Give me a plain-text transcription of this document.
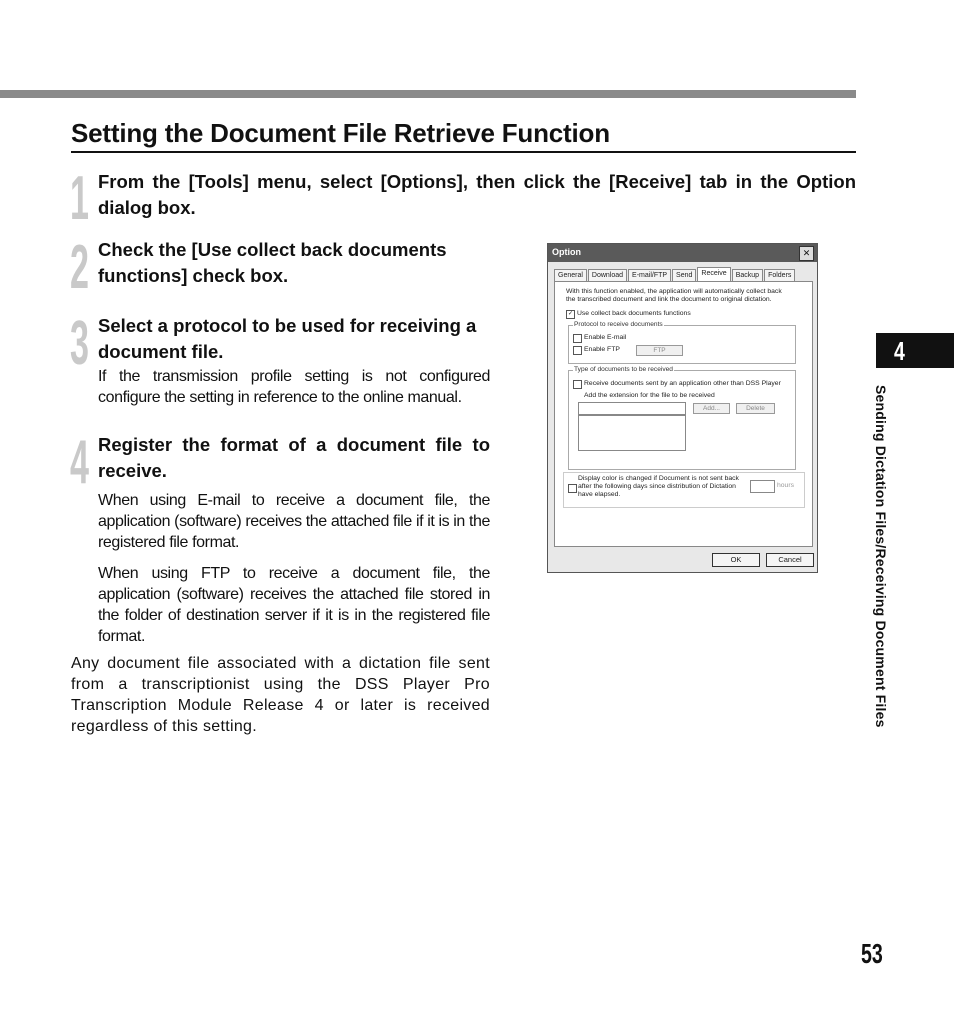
Setting the Document File Retrieve Function
1 From the [Tools] menu, select [Options], then click the [Receive] tab in the Option dialog box.
2 Check the [Use collect back documents functions] check box.
3 Select a protocol to be used for receiving a document file.
If the transmission profile setting is not configured configure the setting in reference to the online manual.
4 Register the format of a document file to receive.
When using E-mail to receive a document file, the application (software) receives the attached file if it is in the registered file format.
When using FTP to receive a document file, the application (software) receives the attached file stored in the folder of destination server if it is in the registered file format.
Any document file associated with a dictation file sent from a transcriptionist using the DSS Player Pro Transcription Module Release 4 or later is received regardless of this setting.
4
Sending Dictation Files/Receiving Document Files
53
Option	✕
General	Download	E-mail/FTP	Send	Receive	Backup	Folders
With this function enabled, the application will automatically collect back
the transcribed document and link the document to original dictation.
✓ Use collect back documents functions
Protocol to receive documents
Enable E-mail
Enable FTP	FTP
Type of documents to be received
Receive documents sent by an application other than DSS Player
Add the extension for the file to be received
Add...	Delete
Display color is changed if Document is not sent back
after the following days since distribution of Dictation
have elapsed.
hours
OK	Cancel
